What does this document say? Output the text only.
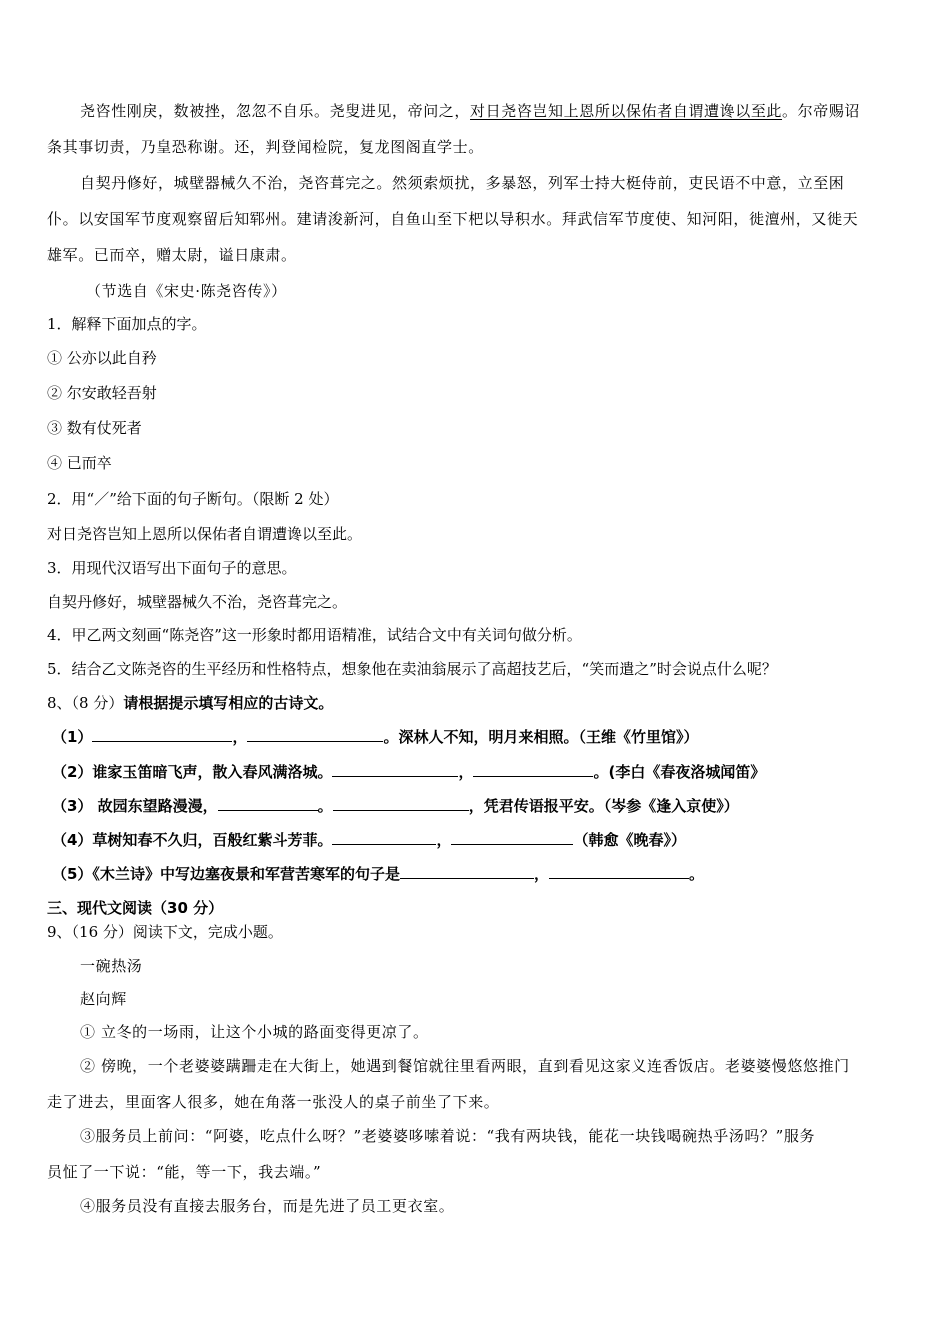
尧咨性刚戾，数被挫，忽忽不自乐。尧叟进见，帝问之，对日尧咨岂知上恩所以保佑者自谓遭谗以至此。尔帝赐诏
条其事切责，乃皇恐称谢。还，判登闻检院，复龙图阁直学士。
自契丹修好，城壁器械久不治，尧咨葺完之。然须索烦扰，多暴怒，列军士持大梃侍前，吏民语不中意，立至困
仆。以安国军节度观察留后知郓州。建请浚新河，自鱼山至下杷以导积水。拜武信军节度使、知河阳，徙澶州，又徙天
雄军。已而卒，赠太尉，谥日康肃。
（节选自《宋史·陈尧咨传》）
1．解释下面加点的字。
① 公亦以此自矜
② 尔安敢轻吾射
③ 数有仗死者
④ 已而卒
2．用“／”给下面的句子断句。（限断 2 处）
对日尧咨岂知上恩所以保佑者自谓遭谗以至此。
3．用现代汉语写出下面句子的意思。
自契丹修好，城壁器械久不治，尧咨葺完之。
4．甲乙两文刻画“陈尧咨”这一形象时都用语精准，试结合文中有关词句做分析。
5．结合乙文陈尧咨的生平经历和性格特点，想象他在卖油翁展示了高超技艺后，“笑而遣之”时会说点什么呢？
8、（8 分）请根据提示填写相应的古诗文。
（1）	，	。深林人不知，明月来相照。（王维《竹里馆》）
（2）谁家玉笛暗飞声，散入春风满洛城。	，	。(李白《春夜洛城闻笛》
（3） 故园东望路漫漫，	。	，凭君传语报平安。（岑参《逢入京使》）
（4）草树知春不久归，百般红紫斗芳菲。	，	（韩愈《晚春》）
（5）《木兰诗》中写边塞夜景和军营苦寒军的句子是	，	。
三、现代文阅读（30 分）
9、（16 分）阅读下文，完成小题。
一碗热汤
赵向辉
① 立冬的一场雨，让这个小城的路面变得更凉了。
② 傍晚，一个老婆婆蹒跚走在大街上，她遇到餐馆就往里看两眼，直到看见这家义连香饭店。老婆婆慢悠悠推门
走了进去，里面客人很多，她在角落一张没人的桌子前坐了下来。
③服务员上前问：“阿婆，吃点什么呀？”老婆婆哆嗦着说：“我有两块钱，能花一块钱喝碗热乎汤吗？”服务
员怔了一下说：“能，等一下，我去端。”
④服务员没有直接去服务台，而是先进了员工更衣室。
